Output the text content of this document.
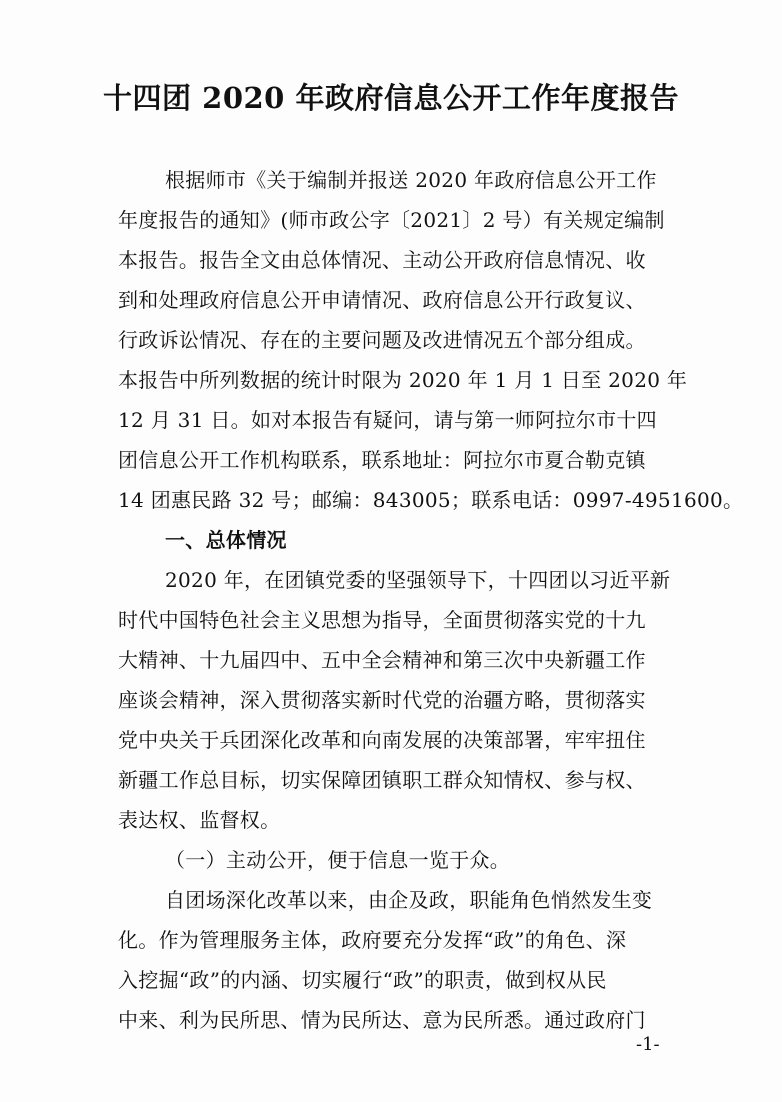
十四团 2020 年政府信息公开工作年度报告
根据师市《关于编制并报送 2020 年政府信息公开工作
年度报告的通知》(师市政公字〔2021〕2 号）有关规定编制
本报告。报告全文由总体情况、主动公开政府信息情况、收
到和处理政府信息公开申请情况、政府信息公开行政复议、
行政诉讼情况、存在的主要问题及改进情况五个部分组成。
本报告中所列数据的统计时限为 2020 年 1 月 1 日至 2020 年
12 月 31 日。如对本报告有疑问，请与第一师阿拉尔市十四
团信息公开工作机构联系，联系地址：阿拉尔市夏合勒克镇
14 团惠民路 32 号；邮编：843005；联系电话：0997-4951600。
一、总体情况
2020 年，在团镇党委的坚强领导下，十四团以习近平新
时代中国特色社会主义思想为指导，全面贯彻落实党的十九
大精神、十九届四中、五中全会精神和第三次中央新疆工作
座谈会精神，深入贯彻落实新时代党的治疆方略，贯彻落实
党中央关于兵团深化改革和向南发展的决策部署，牢牢扭住
新疆工作总目标，切实保障团镇职工群众知情权、参与权、
表达权、监督权。
（一）主动公开，便于信息一览于众。
自团场深化改革以来，由企及政，职能角色悄然发生变
化。作为管理服务主体，政府要充分发挥“政”的角色、深
入挖掘“政”的内涵、切实履行“政”的职责，做到权从民
中来、利为民所思、情为民所达、意为民所悉。通过政府门
-1-
